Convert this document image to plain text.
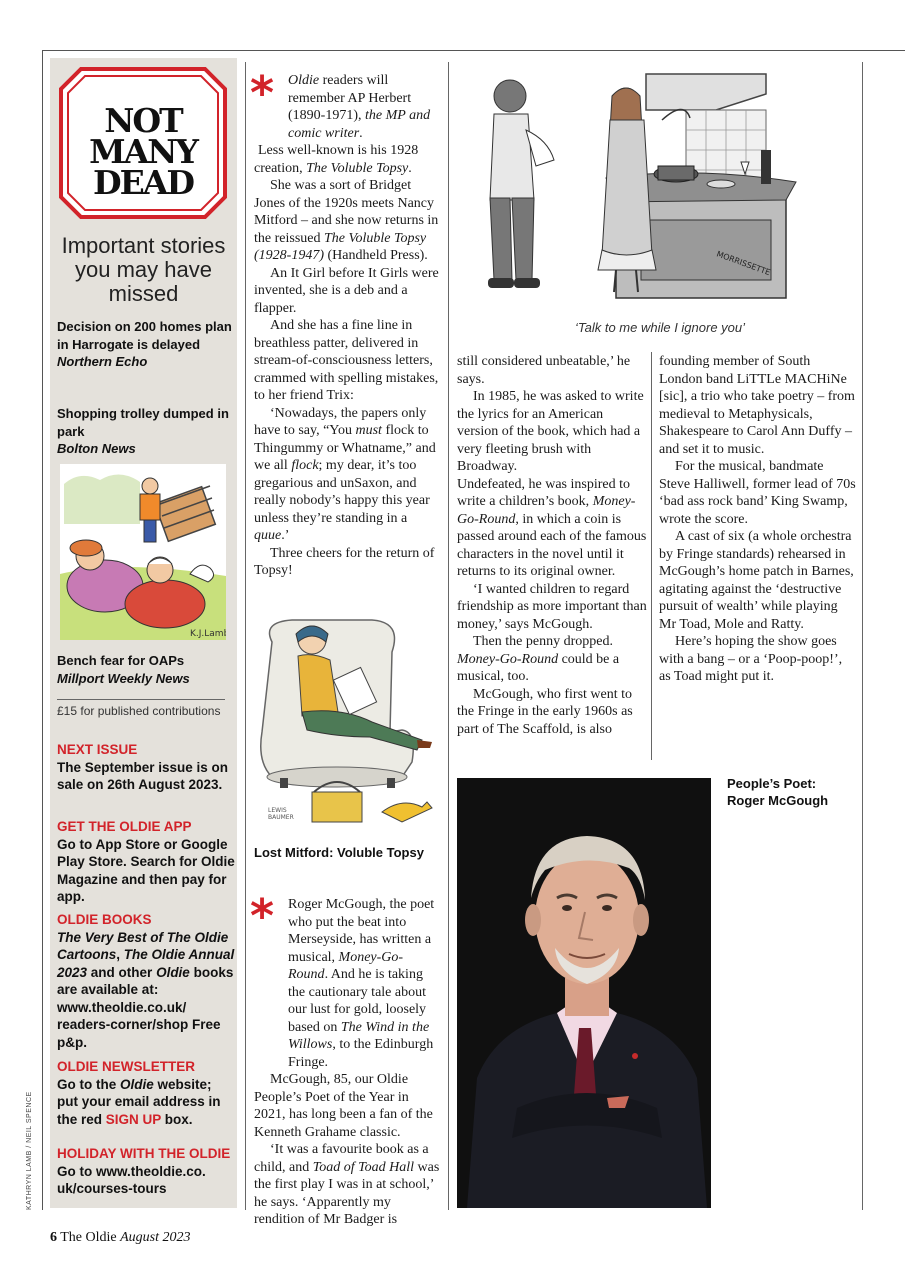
NOT
MANY
DEAD
Important stories you may have missed
Decision on 200 homes plan in Harrogate is delayed
Northern Echo
Shopping trolley dumped in park
Bolton News
K.J.Lamb
Bench fear for OAPs
Millport Weekly News
£15 for published contributions
NEXT ISSUE
The September issue is on sale on 26th August 2023.
GET THE OLDIE APP
Go to App Store or Google Play Store. Search for Oldie Magazine and then pay for app.
OLDIE BOOKS
The Very Best of The Oldie Cartoons, The Oldie Annual 2023 and other Oldie books are available at: www.theoldie.co.uk/ readers-corner/shop Free p&p.
OLDIE NEWSLETTER
Go to the Oldie website; put your email address in the red SIGN UP box.
HOLIDAY WITH THE OLDIE
Go to www.theoldie.co. uk/courses-tours
KATHRYN LAMB / NEIL SPENCE
* Oldie readers will remember AP Herbert (1890-1971), the MP and comic writer.

Less well-known is his 1928 creation, The Voluble Topsy.

She was a sort of Bridget Jones of the 1920s meets Nancy Mitford – and she now returns in the reissued The Voluble Topsy (1928-1947) (Handheld Press).

An It Girl before It Girls were invented, she is a deb and a flapper.

And she has a fine line in breathless patter, delivered in stream-of-consciousness letters, crammed with spelling mistakes, to her friend Trix:

‘Nowadays, the papers only have to say, “You must flock to Thingummy or Whatname,” and we all flock; my dear, it’s too gregarious and unSaxon, and really nobody’s happy this year unless they’re standing in a quue.’

Three cheers for the return of Topsy!

LEWIS
BAUMER
Lost Mitford: Voluble Topsy
* Roger McGough, the poet who put the beat into Merseyside, has written a musical, Money-Go-Round. And he is taking the cautionary tale about our lust for gold, loosely based on The Wind in the Willows, to the Edinburgh Fringe.

McGough, 85, our Oldie People’s Poet of the Year in 2021, has long been a fan of the Kenneth Grahame classic.

‘It was a favourite book as a child, and Toad of Toad Hall was the first play I was in at school,’ he says. ‘Apparently my rendition of Mr Badger is

MORRISSETTE
‘Talk to me while I ignore you’

still considered unbeatable,’ he says.

In 1985, he was asked to write the lyrics for an American version of the book, which had a very fleeting brush with Broadway.

Undefeated, he was inspired to write a children’s book, Money-Go-Round, in which a coin is passed around each of the famous characters in the novel until it returns to its original owner.

‘I wanted children to regard friendship as more important than money,’ says McGough.

Then the penny dropped. Money-Go-Round could be a musical, too.

McGough, who first went to the Fringe in the early 1960s as part of The Scaffold, is also

founding member of South London band LiTTLe MACHiNe [sic], a trio who take poetry – from medieval to Metaphysicals, Shakespeare to Carol Ann Duffy – and set it to music.

For the musical, bandmate Steve Halliwell, former lead of 70s ‘bad ass rock band’ King Swamp, wrote the score.

A cast of six (a whole orchestra by Fringe standards) rehearsed in McGough’s home patch in Barnes, agitating against the ‘destructive pursuit of wealth’ while playing Mr Toad, Mole and Ratty.

Here’s hoping the show goes with a bang – or a ‘Poop-poop!’, as Toad might put it.

People’s Poet: Roger McGough
6 The Oldie August 2023
